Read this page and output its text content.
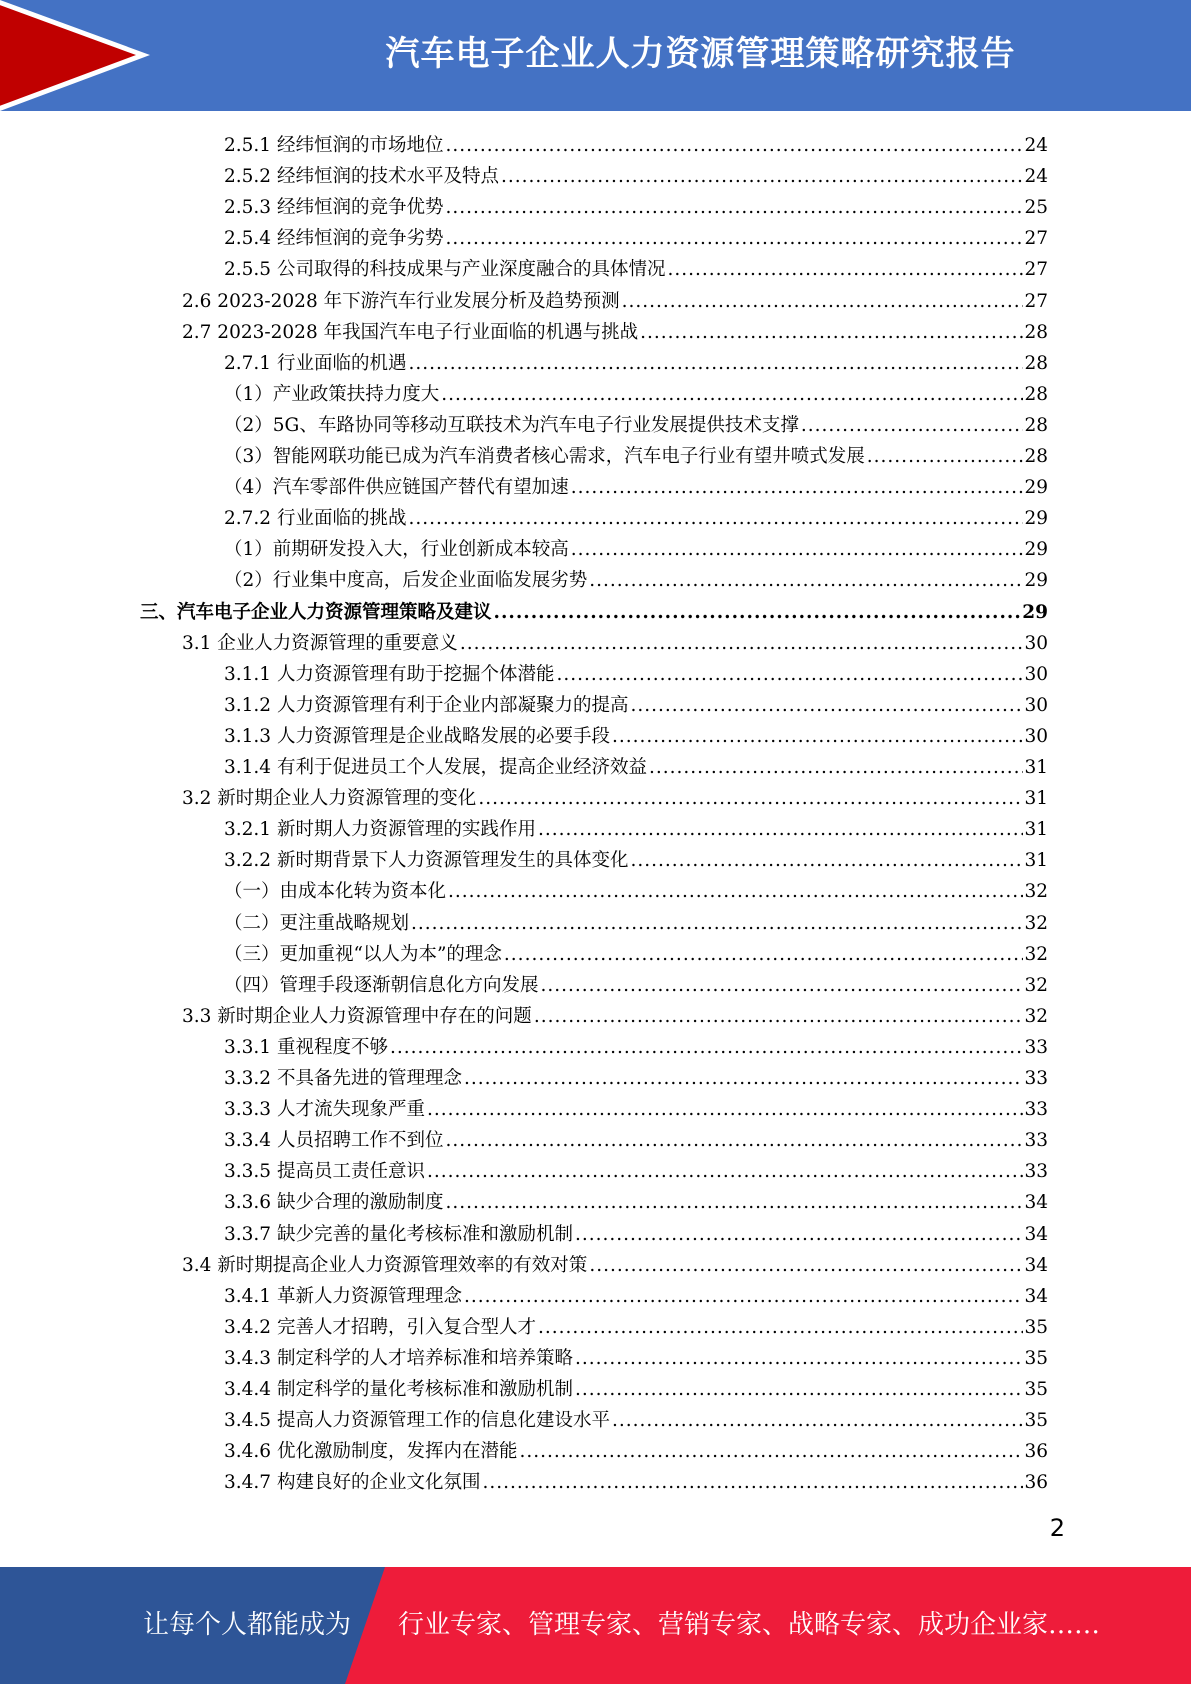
汽车电子企业人力资源管理策略研究报告
2.5.1 经纬恒润的市场地位 .....	24
2.5.2 经纬恒润的技术水平及特点 .....	24
2.5.3 经纬恒润的竞争优势 .....	25
2.5.4 经纬恒润的竞争劣势 .....	27
2.5.5 公司取得的科技成果与产业深度融合的具体情况 .....	27
2.6 2023-2028 年下游汽车行业发展分析及趋势预测 .....	27
2.7 2023-2028 年我国汽车电子行业面临的机遇与挑战 .....	28
2.7.1 行业面临的机遇 .....	28
（1）产业政策扶持力度大 .....	28
（2）5G、车路协同等移动互联技术为汽车电子行业发展提供技术支撑 .....	28
（3）智能网联功能已成为汽车消费者核心需求，汽车电子行业有望井喷式发展 .....	28
（4）汽车零部件供应链国产替代有望加速 .....	29
2.7.2 行业面临的挑战 .....	29
（1）前期研发投入大，行业创新成本较高 .....	29
（2）行业集中度高，后发企业面临发展劣势 .....	29
三、汽车电子企业人力资源管理策略及建议 .....	29
3.1 企业人力资源管理的重要意义 .....	30
3.1.1 人力资源管理有助于挖掘个体潜能 .....	30
3.1.2 人力资源管理有利于企业内部凝聚力的提高 .....	30
3.1.3 人力资源管理是企业战略发展的必要手段 .....	30
3.1.4 有利于促进员工个人发展，提高企业经济效益 .....	31
3.2 新时期企业人力资源管理的变化 .....	31
3.2.1 新时期人力资源管理的实践作用 .....	31
3.2.2 新时期背景下人力资源管理发生的具体变化 .....	31
（一）由成本化转为资本化 .....	32
（二）更注重战略规划 .....	32
（三）更加重视“以人为本”的理念 .....	32
（四）管理手段逐渐朝信息化方向发展 .....	32
3.3 新时期企业人力资源管理中存在的问题 .....	32
3.3.1 重视程度不够 .....	33
3.3.2 不具备先进的管理理念 .....	33
3.3.3 人才流失现象严重 .....	33
3.3.4 人员招聘工作不到位 .....	33
3.3.5 提高员工责任意识 .....	33
3.3.6 缺少合理的激励制度 .....	34
3.3.7 缺少完善的量化考核标准和激励机制 .....	34
3.4 新时期提高企业人力资源管理效率的有效对策 .....	34
3.4.1 革新人力资源管理理念 .....	34
3.4.2 完善人才招聘，引入复合型人才 .....	35
3.4.3 制定科学的人才培养标准和培养策略 .....	35
3.4.4 制定科学的量化考核标准和激励机制 .....	35
3.4.5 提高人力资源管理工作的信息化建设水平 .....	35
3.4.6 优化激励制度，发挥内在潜能 .....	36
3.4.7 构建良好的企业文化氛围 .....	36
2
让每个人都能成为 行业专家、管理专家、营销专家、战略专家、成功企业家……
